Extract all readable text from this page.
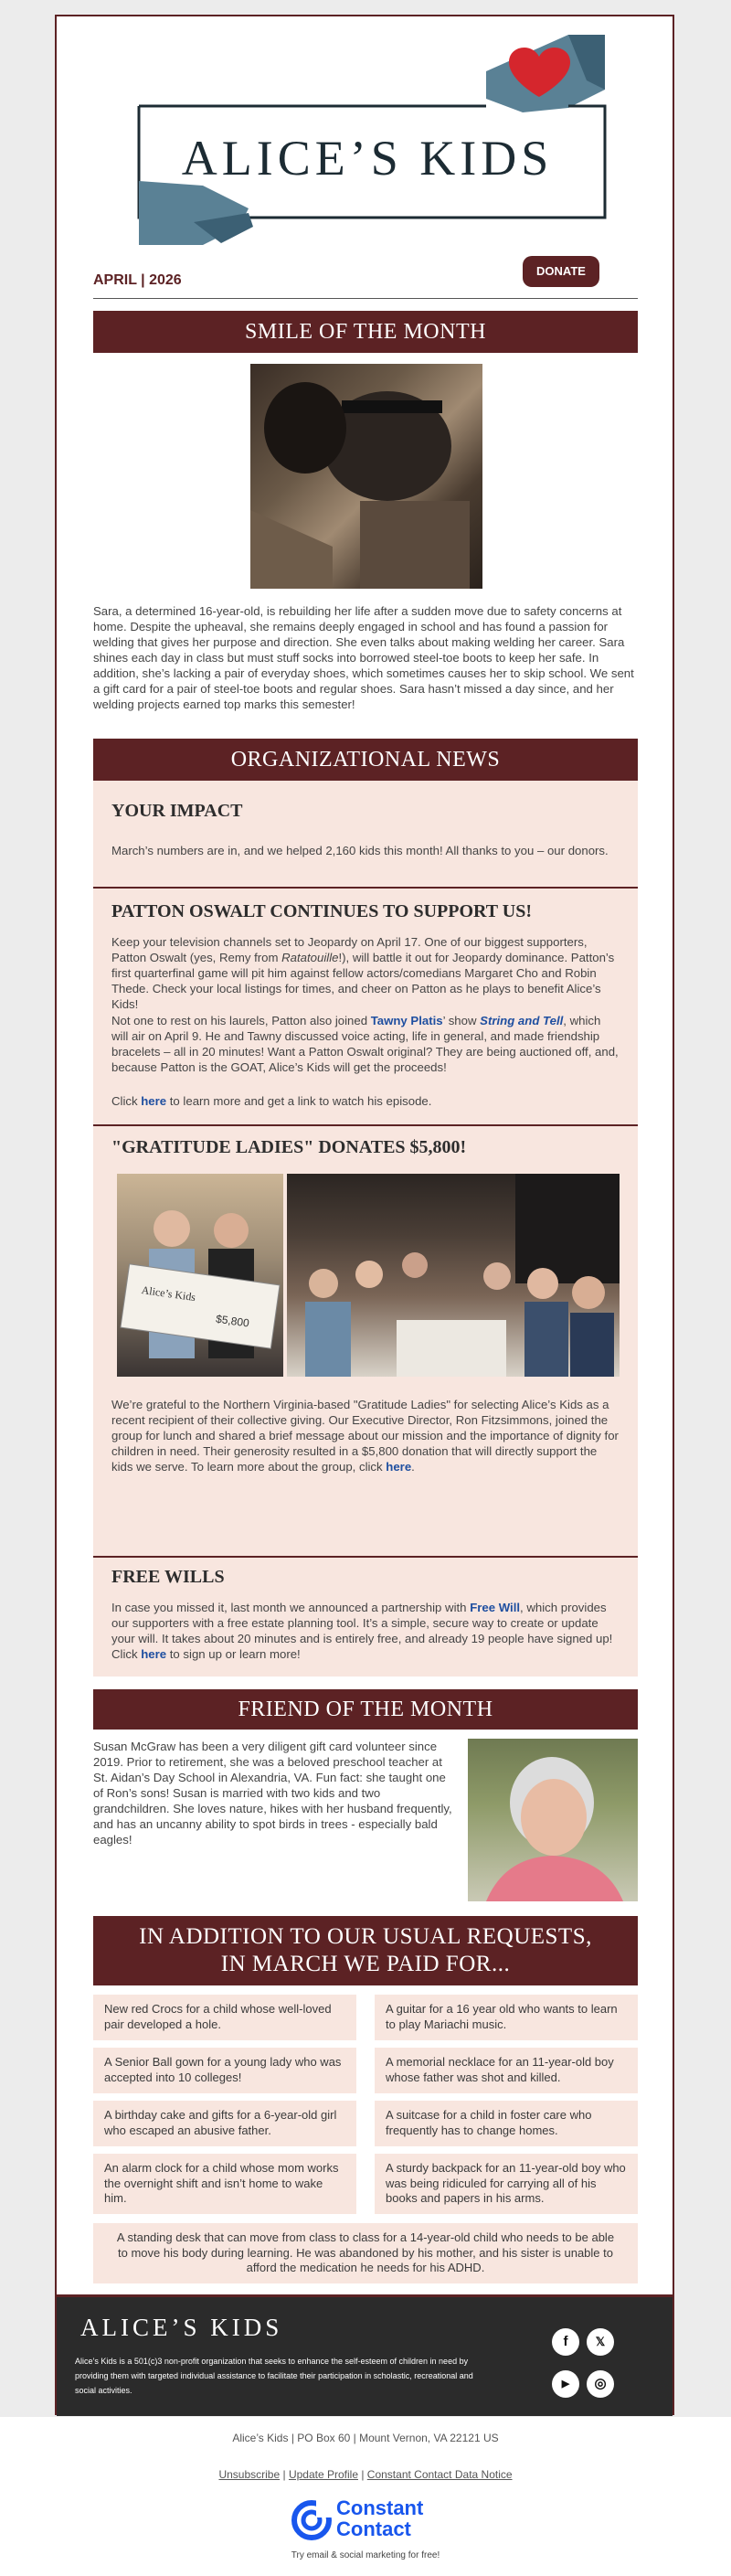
ALICE’S KIDS
APRIL | 2026
DONATE
SMILE OF THE MONTH

Sara, a determined 16-year-old, is rebuilding her life after a sudden move due to safety concerns at home. Despite the upheaval, she remains deeply engaged in school and has found a passion for welding that gives her purpose and direction. She even talks about making welding her career. Sara shines each day in class but must stuff socks into borrowed steel-toe boots to keep her safe. In addition, she’s lacking a pair of everyday shoes, which sometimes causes her to skip school. We sent a gift card for a pair of steel-toe boots and regular shoes. Sara hasn’t missed a day since, and her welding projects earned top marks this semester!

ORGANIZATIONAL NEWS
YOUR IMPACT

March’s numbers are in, and we helped 2,160 kids this month! All thanks to you – our donors.

PATTON OSWALT CONTINUES TO SUPPORT US!

Keep your television channels set to Jeopardy on April 17. One of our biggest supporters, Patton Oswalt (yes, Remy from Ratatouille!), will battle it out for Jeopardy dominance. Patton’s first quarterfinal game will pit him against fellow actors/comedians Margaret Cho and Robin Thede. Check your local listings for times, and cheer on Patton as he plays to benefit Alice’s Kids!

Not one to rest on his laurels, Patton also joined Tawny Platis’ show String and Tell, which will air on April 9. He and Tawny discussed voice acting, life in general, and made friendship bracelets – all in 20 minutes! Want a Patton Oswalt original? They are being auctioned off, and, because Patton is the GOAT, Alice’s Kids will get the proceeds!

Click here to learn more and get a link to watch his episode.

"GRATITUDE LADIES" DONATES $5,800!
Alice’s Kids
$5,800

We’re grateful to the Northern Virginia-based "Gratitude Ladies" for selecting Alice’s Kids as a recent recipient of their collective giving. Our Executive Director, Ron Fitzsimmons, joined the group for lunch and shared a brief message about our mission and the importance of dignity for children in need. Their generosity resulted in a $5,800 donation that will directly support the kids we serve. To learn more about the group, click here.

FREE WILLS

In case you missed it, last month we announced a partnership with Free Will, which provides our supporters with a free estate planning tool. It’s a simple, secure way to create or update your will. It takes about 20 minutes and is entirely free, and already 19 people have signed up! Click here to sign up or learn more!

FRIEND OF THE MONTH

Susan McGraw has been a very diligent gift card volunteer since 2019. Prior to retirement, she was a beloved preschool teacher at St. Aidan’s Day School in Alexandria, VA. Fun fact: she taught one of Ron’s sons! Susan is married with two kids and two grandchildren. She loves nature, hikes with her husband frequently, and has an uncanny ability to spot birds in trees - especially bald eagles!

IN ADDITION TO OUR USUAL REQUESTS,
IN MARCH WE PAID FOR...
New red Crocs for a child whose well-loved pair developed a hole.
A guitar for a 16 year old who wants to learn to play Mariachi music.
A Senior Ball gown for a young lady who was accepted into 10 colleges!
A memorial necklace for an 11-year-old boy whose father was shot and killed.
A birthday cake and gifts for a 6-year-old girl who escaped an abusive father.
A suitcase for a child in foster care who frequently has to change homes.
An alarm clock for a child whose mom works the overnight shift and isn’t home to wake him.
A sturdy backpack for an 11-year-old boy who was being ridiculed for carrying all of his books and papers in his arms.
A standing desk that can move from class to class for a 14-year-old child who needs to be able to move his body during learning. He was abandoned by his mother, and his sister is unable to afford the medication he needs for his ADHD.
ALICE’S KIDS

Alice’s Kids is a 501(c)3 non-profit organization that seeks to enhance the self-esteem of children in need by providing them with targeted individual assistance to facilitate their participation in scholastic, recreational and social activities.

f	𝕏
▶	◎
Alice’s Kids | PO Box 60 | Mount Vernon, VA 22121 US
Unsubscribe | Update Profile | Constant Contact Data Notice
Constant
Contact
Try email & social marketing for free!
